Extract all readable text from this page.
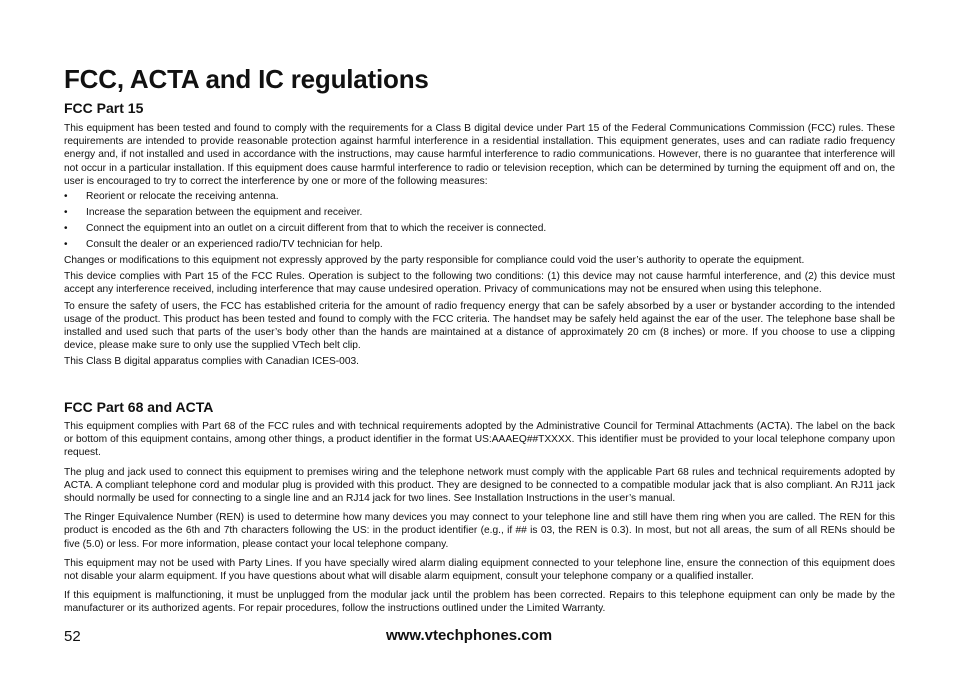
FCC, ACTA and IC regulations
FCC Part 15

This equipment has been tested and found to comply with the requirements for a Class B digital device under Part 15 of the Federal Communications Commission (FCC) rules. These requirements are intended to provide reasonable protection against harmful interference in a residential installation. This equipment generates, uses and can radiate radio frequency energy and, if not installed and used in accordance with the instructions, may cause harmful interference to radio communications. However, there is no guarantee that interference will not occur in a particular installation. If this equipment does cause harmful interference to radio or television reception, which can be determined by turning the equipment off and on, the user is encouraged to try to correct the interference by one or more of the following measures:

• Reorient or relocate the receiving antenna.
• Increase the separation between the equipment and receiver.
• Connect the equipment into an outlet on a circuit different from that to which the receiver is connected.
• Consult the dealer or an experienced radio/TV technician for help.

Changes or modifications to this equipment not expressly approved by the party responsible for compliance could void the user’s authority to operate the equipment.

This device complies with Part 15 of the FCC Rules. Operation is subject to the following two conditions: (1) this device may not cause harmful interference, and (2) this device must accept any interference received, including interference that may cause undesired operation. Privacy of communications may not be ensured when using this telephone.

To ensure the safety of users, the FCC has established criteria for the amount of radio frequency energy that can be safely absorbed by a user or bystander according to the intended usage of the product. This product has been tested and found to comply with the FCC criteria. The handset may be safely held against the ear of the user. The telephone base shall be installed and used such that parts of the user’s body other than the hands are maintained at a distance of approximately 20 cm (8 inches) or more. If you choose to use a clipping device, please make sure to only use the supplied VTech belt clip.

This Class B digital apparatus complies with Canadian ICES-003.

FCC Part 68 and ACTA

This equipment complies with Part 68 of the FCC rules and with technical requirements adopted by the Administrative Council for Terminal Attachments (ACTA). The label on the back or bottom of this equipment contains, among other things, a product identifier in the format US:AAAEQ##TXXXX. This identifier must be provided to your local telephone company upon request.

The plug and jack used to connect this equipment to premises wiring and the telephone network must comply with the applicable Part 68 rules and technical requirements adopted by ACTA. A compliant telephone cord and modular plug is provided with this product. They are designed to be connected to a compatible modular jack that is also compliant. An RJ11 jack should normally be used for connecting to a single line and an RJ14 jack for two lines. See Installation Instructions in the user’s manual.

The Ringer Equivalence Number (REN) is used to determine how many devices you may connect to your telephone line and still have them ring when you are called. The REN for this product is encoded as the 6th and 7th characters following the US: in the product identifier (e.g., if ## is 03, the REN is 0.3). In most, but not all areas, the sum of all RENs should be five (5.0) or less. For more information, please contact your local telephone company.

This equipment may not be used with Party Lines. If you have specially wired alarm dialing equipment connected to your telephone line, ensure the connection of this equipment does not disable your alarm equipment. If you have questions about what will disable alarm equipment, consult your telephone company or a qualified installer.

If this equipment is malfunctioning, it must be unplugged from the modular jack until the problem has been corrected. Repairs to this telephone equipment can only be made by the manufacturer or its authorized agents. For repair procedures, follow the instructions outlined under the Limited Warranty.

52	www.vtechphones.com
